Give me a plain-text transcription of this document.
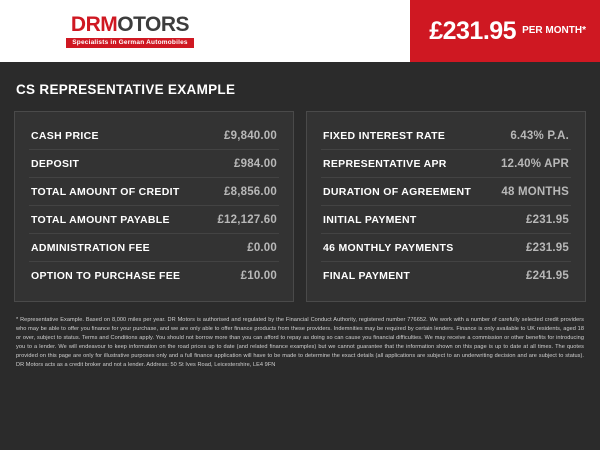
DRMOTORS
Specialists in German Automobiles	£231.95 PER MONTH*
CS REPRESENTATIVE EXAMPLE
CASH PRICE	£9,840.00
DEPOSIT	£984.00
TOTAL AMOUNT OF CREDIT	£8,856.00
TOTAL AMOUNT PAYABLE	£12,127.60
ADMINISTRATION FEE	£0.00
OPTION TO PURCHASE FEE	£10.00
FIXED INTEREST RATE	6.43% P.A.
REPRESENTATIVE APR	12.40% APR
DURATION OF AGREEMENT	48 MONTHS
INITIAL PAYMENT	£231.95
46 MONTHLY PAYMENTS	£231.95
FINAL PAYMENT	£241.95
* Representative Example. Based on 8,000 miles per year. DR Motors is authorised and regulated by the Financial Conduct Authority, registered number 776652. We work with a number of carefully selected credit providers who may be able to offer you finance for your purchase, and we are only able to offer finance products from these providers. Indemnities may be required by certain lenders. Finance is only available to UK residents, aged 18 or over, subject to status. Terms and Conditions apply. You should not borrow more than you can afford to repay as doing so can cause you financial difficulties. We may receive a commission or other benefits for introducing you to a lender. We will endeavour to keep information on the road prices up to date (and related finance examples) but we cannot guarantee that the information shown on this page is up to date at all times. The quotes provided on this page are only for illustrative purposes only and a full finance application will have to be made to determine the exact details (all applications are subject to an underwriting decision and are subject to status). DR Motors acts as a credit broker and not a lender. Address: 50 St Ives Road, Leicestershire, LE4 9FN
